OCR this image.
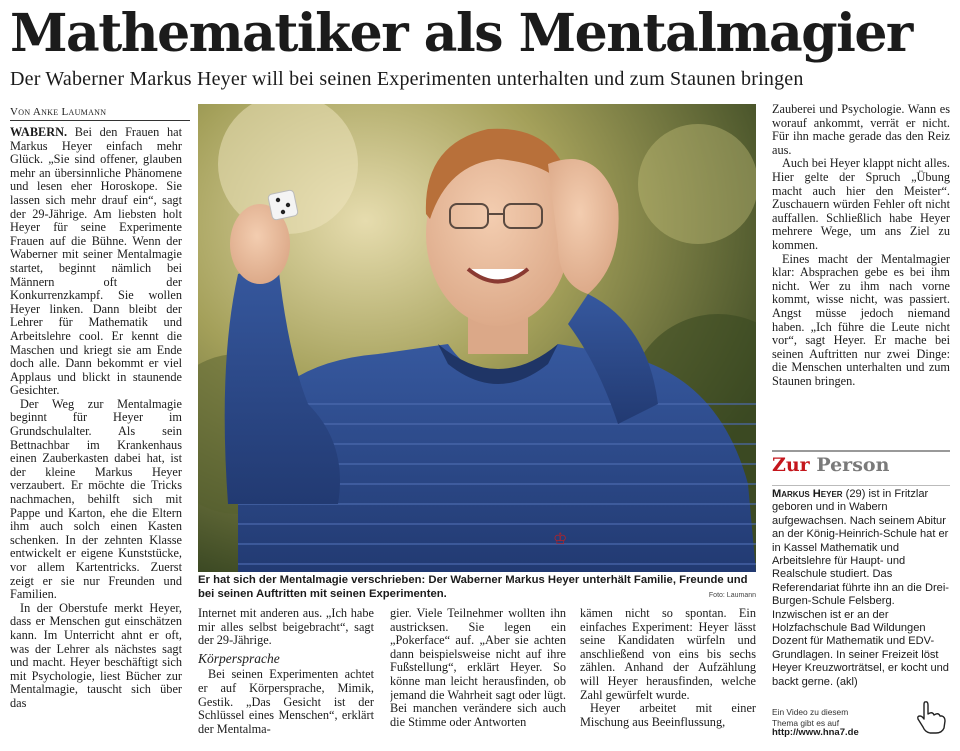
Mathematiker als Mentalmagier
Der Waberner Markus Heyer will bei seinen Experimenten unterhalten und zum Staunen bringen
Von Anke Laumann

WABERN. Bei den Frauen hat Markus Heyer einfach mehr Glück. „Sie sind offener, glauben mehr an übersinnliche Phänomene und lesen eher Horoskope. Sie lassen sich mehr drauf ein“, sagt der 29-Jährige. Am liebsten holt Heyer für seine Experimente Frauen auf die Bühne. Wenn der Waberner mit seiner Mentalmagie startet, beginnt nämlich bei Männern oft der Konkurrenzkampf. Sie wollen Heyer linken. Dann bleibt der Lehrer für Mathematik und Arbeitslehre cool. Er kennt die Maschen und kriegt sie am Ende doch alle. Dann bekommt er viel Applaus und blickt in staunende Gesichter.

Der Weg zur Mentalmagie beginnt für Heyer im Grundschulalter. Als sein Bettnachbar im Krankenhaus einen Zauberkasten dabei hat, ist der kleine Markus Heyer verzaubert. Er möchte die Tricks nachmachen, behilft sich mit Pappe und Karton, ehe die Eltern ihm auch solch einen Kasten schenken. In der zehnten Klasse entwickelt er eigene Kunststücke, vor allem Kartentricks. Zuerst zeigt er sie nur Freunden und Familien.

In der Oberstufe merkt Heyer, dass er Menschen gut einschätzen kann. Im Unterricht ahnt er oft, was der Lehrer als nächstes sagt und macht. Heyer beschäftigt sich mit Psychologie, liest Bücher zur Mentalmagie, tauscht sich über das

♔
Er hat sich der Mentalmagie verschrieben: Der Waberner Markus Heyer unterhält Familie, Freunde und bei seinen Auftritten mit seinen Experimenten.	Foto: Laumann

Internet mit anderen aus. „Ich habe mir alles selbst beigebracht“, sagt der 29-Jährige.

Körpersprache

Bei seinen Experimenten achtet er auf Körpersprache, Mimik, Gestik. „Das Gesicht ist der Schlüssel eines Menschen“, erklärt der Mentalma-

gier. Viele Teilnehmer wollten ihn austricksen. Sie legen ein „Pokerface“ auf. „Aber sie achten dann beispielsweise nicht auf ihre Fußstellung“, erklärt Heyer. So könne man leicht herausfinden, ob jemand die Wahrheit sagt oder lügt. Bei manchen verändere sich auch die Stimme oder Antworten

kämen nicht so spontan. Ein einfaches Experiment: Heyer lässt seine Kandidaten würfeln und anschließend von eins bis sechs zählen. Anhand der Aufzählung will Heyer herausfinden, welche Zahl gewürfelt wurde.

Heyer arbeitet mit einer Mischung aus Beeinflussung,

Zauberei und Psychologie. Wann es worauf ankommt, verrät er nicht. Für ihn mache gerade das den Reiz aus.

Auch bei Heyer klappt nicht alles. Hier gelte der Spruch „Übung macht auch hier den Meister“. Zuschauern würden Fehler oft nicht auffallen. Schließlich habe Heyer mehrere Wege, um ans Ziel zu kommen.

Eines macht der Mentalmagier klar: Absprachen gebe es bei ihm nicht. Wer zu ihm nach vorne kommt, wisse nicht, was passiert. Angst müsse jedoch niemand haben. „Ich führe die Leute nicht vor“, sagt Heyer. Er mache bei seinen Auftritten nur zwei Dinge: die Menschen unterhalten und zum Staunen bringen.

Zur Person
Markus Heyer (29) ist in Fritzlar geboren und in Wabern aufgewachsen. Nach seinem Abitur an der König-Heinrich-Schule hat er in Kassel Mathematik und Arbeitslehre für Haupt- und Realschule studiert. Das Referendariat führte ihn an die Drei-Burgen-Schule Felsberg. Inzwischen ist er an der Holzfachschule Bad Wildungen Dozent für Mathematik und EDV-Grundlagen. In seiner Freizeit löst Heyer Kreuzworträtsel, er kocht und backt gerne. (akl)
Ein Video zu diesem
Thema gibt es auf
http://www.hna7.de
